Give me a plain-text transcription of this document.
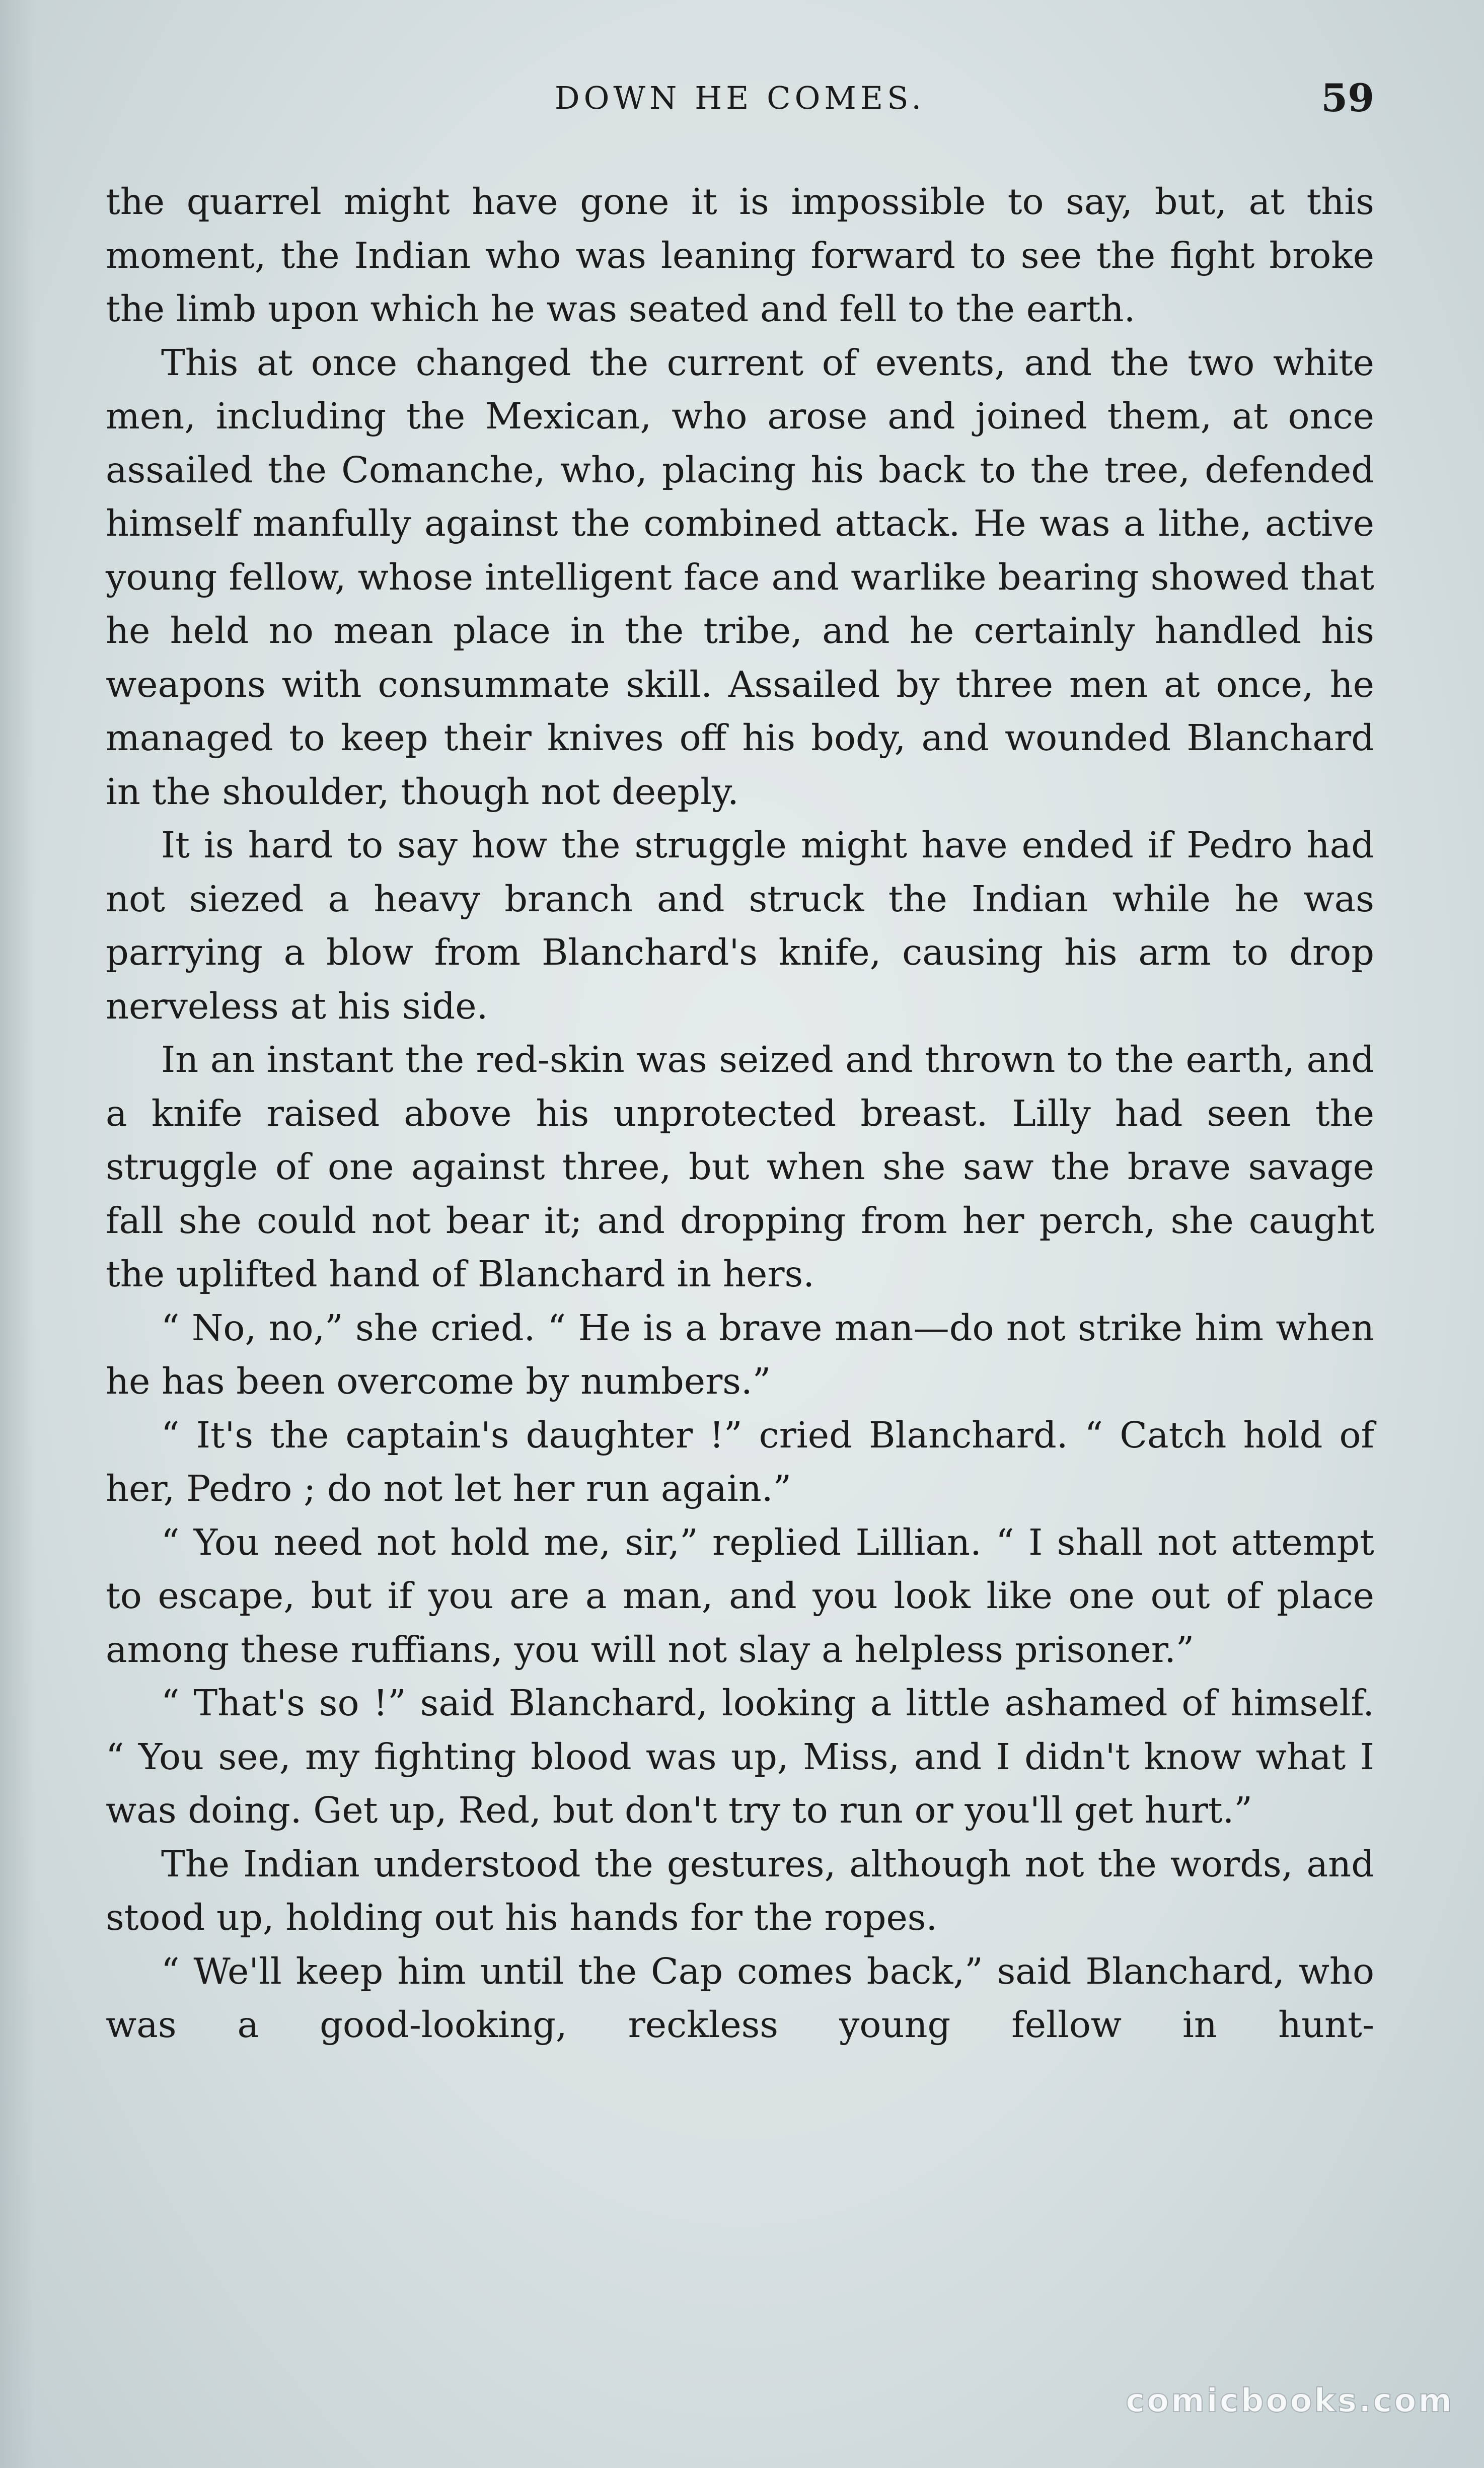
DOWN HE COMES.	59

the quarrel might have gone it is impossible to say, but, at this moment, the Indian who was leaning forward to see the fight broke the limb upon which he was seated and fell to the earth.

This at once changed the current of events, and the two white men, including the Mexican, who arose and joined them, at once assailed the Comanche, who, placing his back to the tree, defended himself manfully against the combined attack. He was a lithe, active young fellow, whose intelligent face and warlike bearing showed that he held no mean place in the tribe, and he certainly handled his weapons with consummate skill. Assailed by three men at once, he managed to keep their knives off his body, and wounded Blanchard in the shoulder, though not deeply.

It is hard to say how the struggle might have ended if Pedro had not siezed a heavy branch and struck the Indian while he was parrying a blow from Blanchard's knife, causing his arm to drop nerveless at his side.

In an instant the red-skin was seized and thrown to the earth, and a knife raised above his unprotected breast. Lilly had seen the struggle of one against three, but when she saw the brave savage fall she could not bear it; and dropping from her perch, she caught the uplifted hand of Blanchard in hers.

“ No, no,” she cried. “ He is a brave man—do not strike him when he has been overcome by numbers.”

“ It's the captain's daughter !” cried Blanchard. “ Catch hold of her, Pedro ; do not let her run again.”

“ You need not hold me, sir,” replied Lillian. “ I shall not attempt to escape, but if you are a man, and you look like one out of place among these ruffians, you will not slay a helpless prisoner.”

“ That's so !” said Blanchard, looking a little ashamed of himself. “ You see, my fighting blood was up, Miss, and I didn't know what I was doing. Get up, Red, but don't try to run or you'll get hurt.”

The Indian understood the gestures, although not the words, and stood up, holding out his hands for the ropes.

“ We'll keep him until the Cap comes back,” said Blanchard, who was a good-looking, reckless young fellow in hunt-

comicbooks.com
